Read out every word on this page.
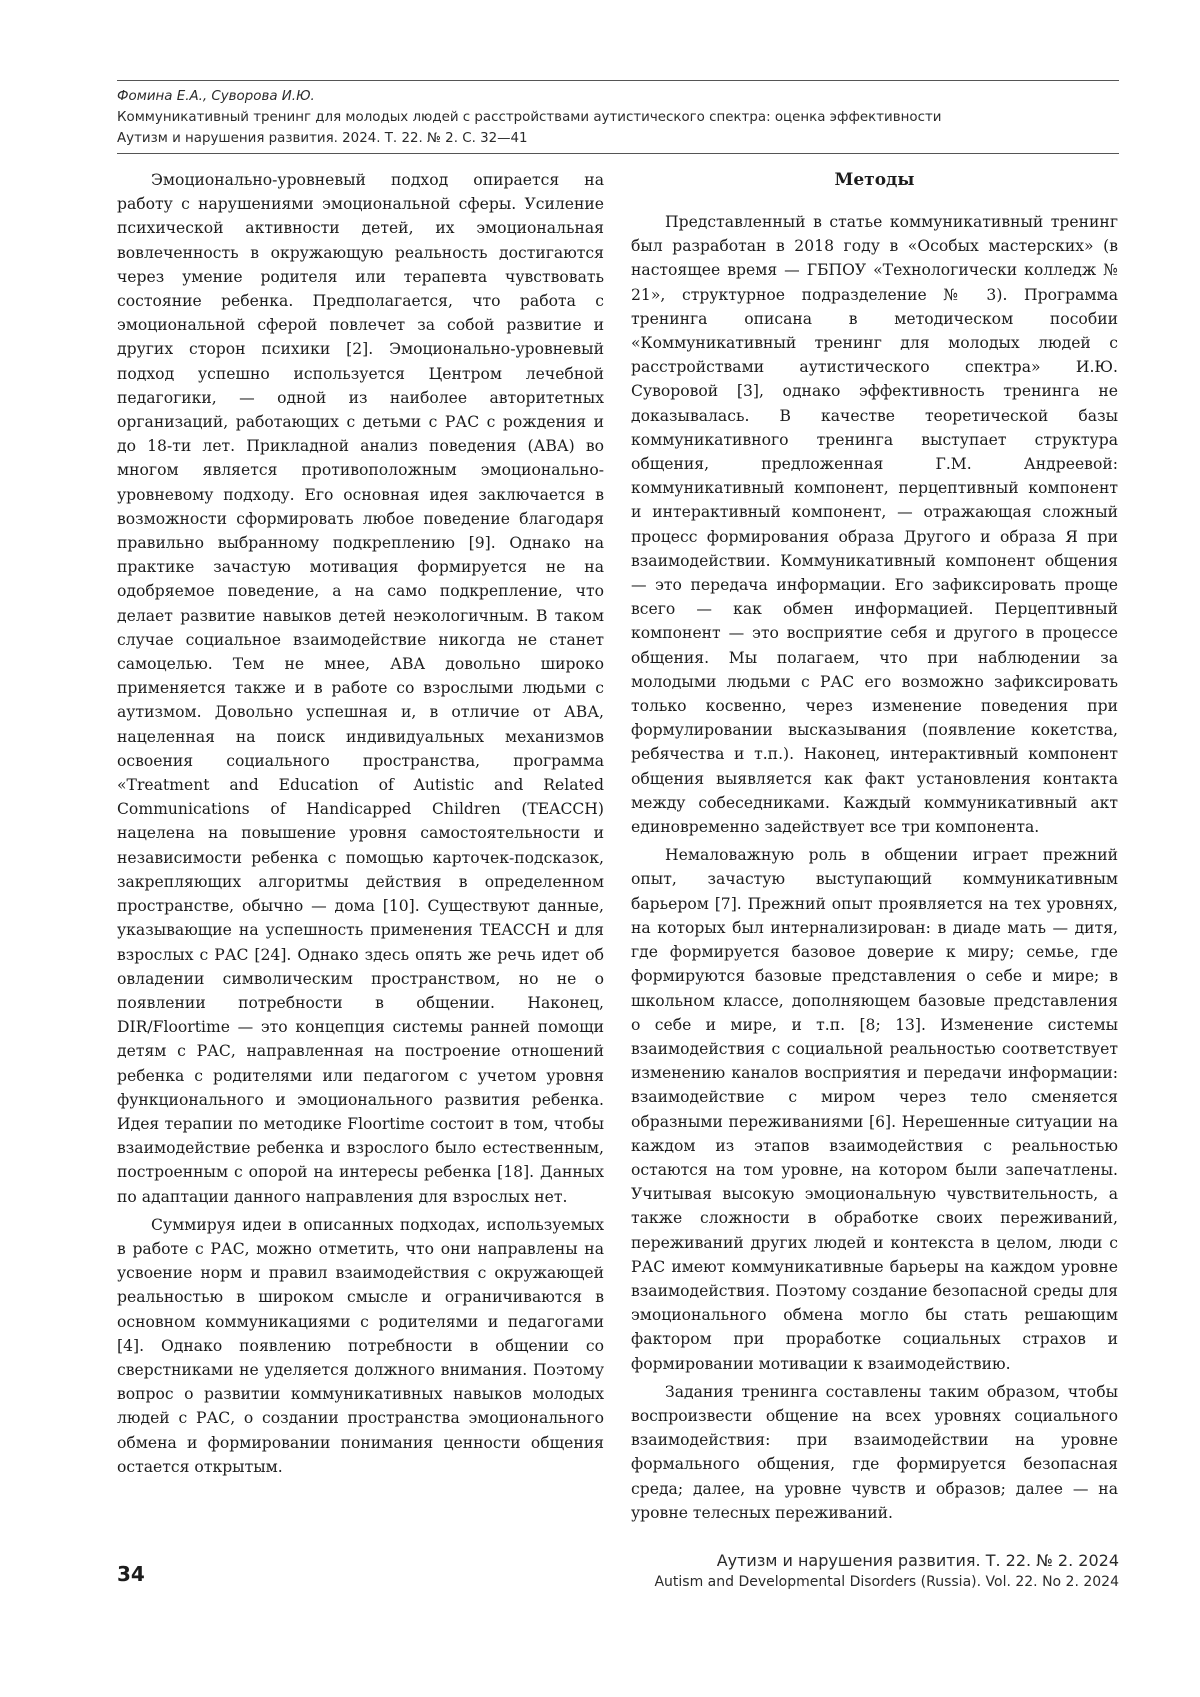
Фомина Е.А., Суворова И.Ю.
Коммуникативный тренинг для молодых людей с расстройствами аутистического спектра: оценка эффективности
Аутизм и нарушения развития. 2024. Т. 22. № 2. С. 32—41

Эмоционально-уровневый подход опирается на работу с нарушениями эмоциональной сферы. Усиление психической активности детей, их эмоциональная вовлеченность в окружающую реальность достигаются через умение родителя или терапевта чувствовать состояние ребенка. Предполагается, что работа с эмоциональной сферой повлечет за собой развитие и других сторон психики [2]. Эмоционально-уровневый подход успешно используется Центром лечебной педагогики, — одной из наиболее авторитетных организаций, работающих с детьми с РАС с рождения и до 18-ти лет. Прикладной анализ поведения (АВА) во многом является противоположным эмоционально-уровневому подходу. Его основная идея заключается в возможности сформировать любое поведение благодаря правильно выбранному подкреплению [9]. Однако на практике зачастую мотивация формируется не на одобряемое поведение, а на само подкрепление, что делает развитие навыков детей неэкологичным. В таком случае социальное взаимодействие никогда не станет самоцелью. Тем не мнее, АВА довольно широко применяется также и в работе со взрослыми людьми с аутизмом. Довольно успешная и, в отличие от АВА, нацеленная на поиск индивидуальных механизмов освоения социального пространства, программа «Treatment and Education of Autistic and Related Communications of Handicapped Children (TEACCH) нацелена на повышение уровня самостоятельности и независимости ребенка с помощью карточек-подсказок, закрепляющих алгоритмы действия в определенном пространстве, обычно — дома [10]. Существуют данные, указывающие на успешность применения TEACCH и для взрослых с РАС [24]. Однако здесь опять же речь идет об овладении символическим пространством, но не о появлении потребности в общении. Наконец, DIR/Floortime — это концепция системы ранней помощи детям с РАС, направленная на построение отношений ребенка с родителями или педагогом с учетом уровня функционального и эмоционального развития ребенка. Идея терапии по методике Floortime состоит в том, чтобы взаимодействие ребенка и взрослого было естественным, построенным с опорой на интересы ребенка [18]. Данных по адаптации данного направления для взрослых нет.

Суммируя идеи в описанных подходах, используемых в работе с РАС, можно отметить, что они направлены на усвоение норм и правил взаимодействия с окружающей реальностью в широком смысле и ограничиваются в основном коммуникациями с родителями и педагогами [4]. Однако появлению потребности в общении со сверстниками не уделяется должного внимания. Поэтому вопрос о развитии коммуникативных навыков молодых людей с РАС, о создании пространства эмоционального обмена и формировании понимания ценности общения остается открытым.

Методы

Представленный в статье коммуникативный тренинг был разработан в 2018 году в «Особых мастерских» (в настоящее время — ГБПОУ «Технологически колледж № 21», структурное подразделение № 3). Программа тренинга описана в методическом пособии «Коммуникативный тренинг для молодых людей с расстройствами аутистического спектра» И.Ю. Суворовой [3], однако эффективность тренинга не доказывалась. В качестве теоретической базы коммуникативного тренинга выступает структура общения, предложенная Г.М. Андреевой: коммуникативный компонент, перцептивный компонент и интерактивный компонент, — отражающая сложный процесс формирования образа Другого и образа Я при взаимодействии. Коммуникативный компонент общения — это передача информации. Его зафиксировать проще всего — как обмен информацией. Перцептивный компонент — это восприятие себя и другого в процессе общения. Мы полагаем, что при наблюдении за молодыми людьми с РАС его возможно зафиксировать только косвенно, через изменение поведения при формулировании высказывания (появление кокетства, ребячества и т.п.). Наконец, интерактивный компонент общения выявляется как факт установления контакта между собеседниками. Каждый коммуникативный акт единовременно задействует все три компонента.

Немаловажную роль в общении играет прежний опыт, зачастую выступающий коммуникативным барьером [7]. Прежний опыт проявляется на тех уровнях, на которых был интернализирован: в диаде мать — дитя, где формируется базовое доверие к миру; семье, где формируются базовые представления о себе и мире; в школьном классе, дополняющем базовые представления о себе и мире, и т.п. [8; 13]. Изменение системы взаимодействия с социальной реальностью соответствует изменению каналов восприятия и передачи информации: взаимодействие с миром через тело сменяется образными переживаниями [6]. Нерешенные ситуации на каждом из этапов взаимодействия с реальностью остаются на том уровне, на котором были запечатлены. Учитывая высокую эмоциональную чувствительность, а также сложности в обработке своих переживаний, переживаний других людей и контекста в целом, люди с РАС имеют коммуникативные барьеры на каждом уровне взаимодействия. Поэтому создание безопасной среды для эмоционального обмена могло бы стать решающим фактором при проработке социальных страхов и формировании мотивации к взаимодействию.

Задания тренинга составлены таким образом, чтобы воспроизвести общение на всех уровнях социального взаимодействия: при взаимодействии на уровне формального общения, где формируется безопасная среда; далее, на уровне чувств и образов; далее — на уровне телесных переживаний.

34
Аутизм и нарушения развития. Т. 22. № 2. 2024
Autism and Developmental Disorders (Russia). Vol. 22. No 2. 2024
